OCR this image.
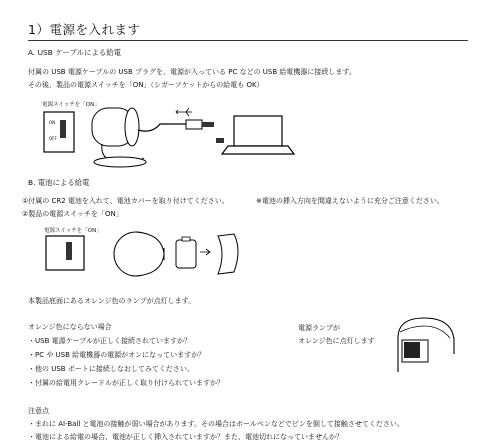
1）電源を入れます
A. USB ケーブルによる給電
付属の USB 電源ケーブルの USB プラグを、電源が入っている PC などの USB 給電機器に接続します。
その後、製品の電源スイッチを「ON」（シガーソケットからの給電も OK）
電源スイッチを「ON」
ON
OFF
B. 電池による給電
①付属の CR2 電池を入れて、電池カバーを取り付けてください。	※電池の挿入方向を間違えないように充分ご注意ください。
②製品の電源スイッチを「ON」
電源スイッチを「ON」
本製品底面にあるオレンジ色のランプが点灯します。
オレンジ色にならない場合
・USB 電源ケーブルが正しく接続されていますか？
・PC や USB 給電機器の電源がオンになっていますか？
・他の USB ポートに接続しなおしてみてください。
・付属の給電用クレードルが正しく取り付けられていますか？
電源ランプが
オレンジ色に点灯します
注意点
・まれに AI-Ball と電池の接触が弱い場合があります。その場合はボールペンなどでピンを倒して接触させてください。
・電池による給電の場合、電池が正しく挿入されていますか？また、電池切れになっていませんか？
